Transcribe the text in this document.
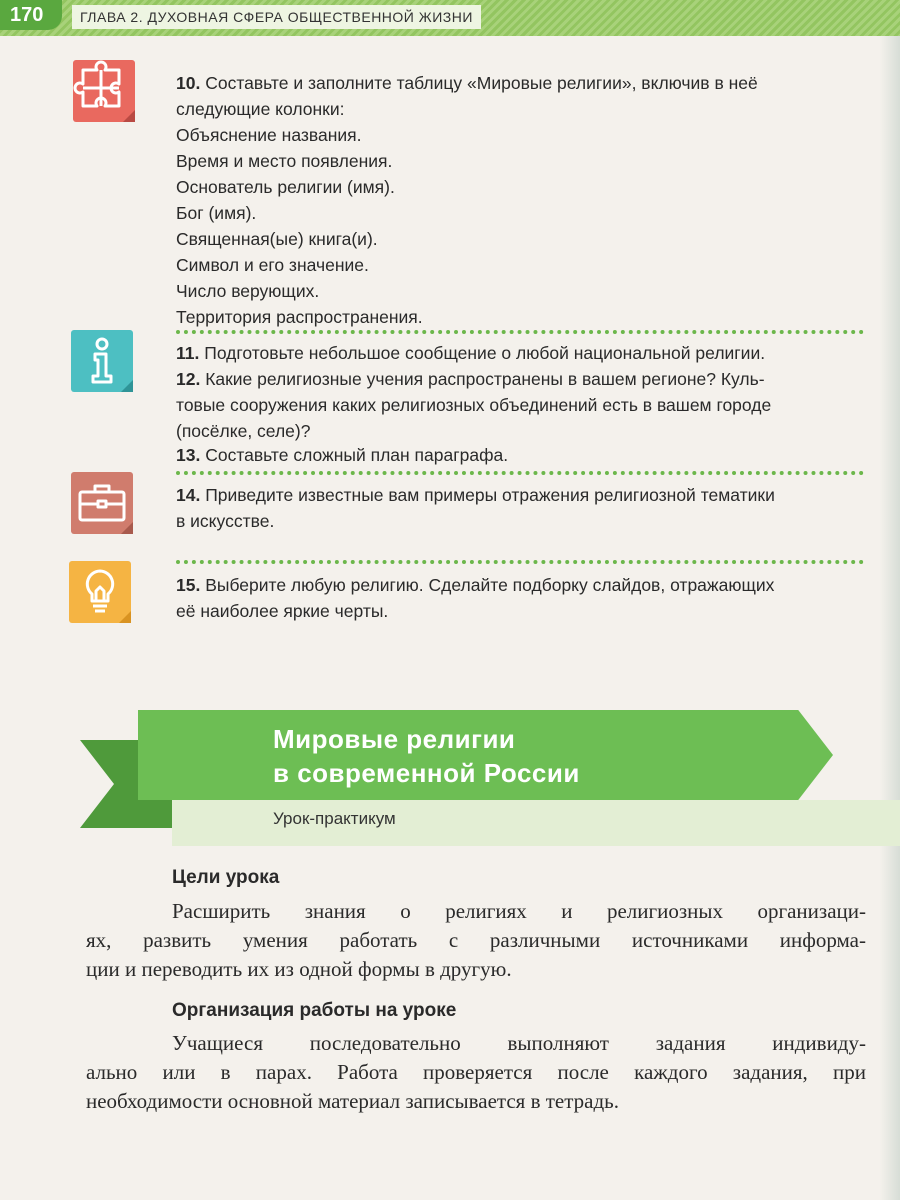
170	ГЛАВА 2. ДУХОВНАЯ СФЕРА ОБЩЕСТВЕННОЙ ЖИЗНИ
10. Составьте и заполните таблицу «Мировые религии», включив в неё
следующие колонки:
Объяснение названия.
Время и место появления.
Основатель религии (имя).
Бог (имя).
Священная(ые) книга(и).
Символ и его значение.
Число верующих.
Территория распространения.
11. Подготовьте небольшое сообщение о любой национальной религии.
12. Какие религиозные учения распространены в вашем регионе? Куль-
товые сооружения каких религиозных объединений есть в вашем городе
(посёлке, селе)?
13. Составьте сложный план параграфа.
14. Приведите известные вам примеры отражения религиозной тематики
в искусстве.
15. Выберите любую религию. Сделайте подборку слайдов, отражающих
её наиболее яркие черты.
Мировые религии
в современной России
Урок-практикум
Цели урока
Расширить знания о религиях и религиозных организаци-
ях, развить умения работать с различными источниками информа-
ции и переводить их из одной формы в другую.
Организация работы на уроке
Учащиеся последовательно выполняют задания индивиду-
ально или в парах. Работа проверяется после каждого задания, при
необходимости основной материал записывается в тетрадь.
